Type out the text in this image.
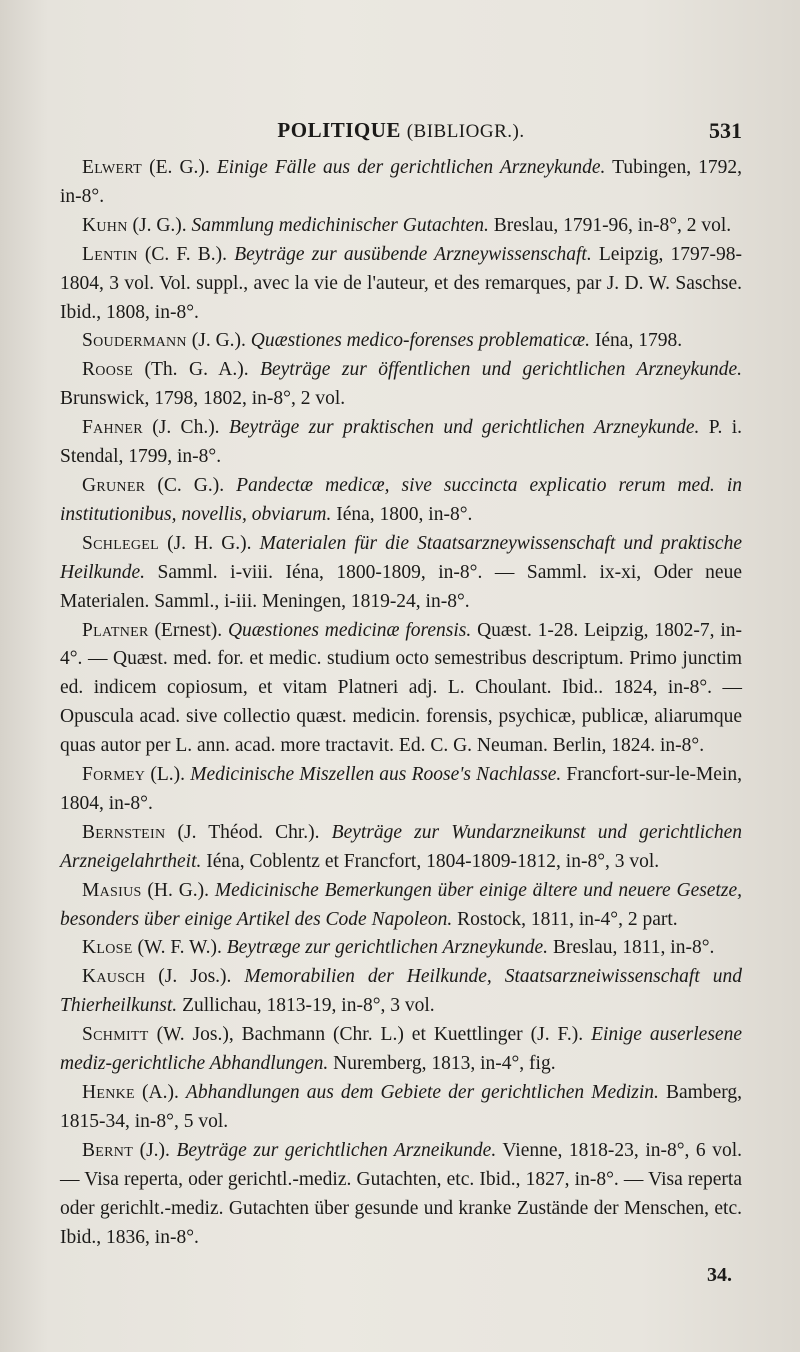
POLITIQUE (BIBLIOGR.).	531

Elwert (E. G.). Einige Fälle aus der gerichtlichen Arzneykunde. Tubingen, 1792, in-8°.

Kuhn (J. G.). Sammlung medichinischer Gutachten. Breslau, 1791-96, in-8°, 2 vol.

Lentin (C. F. B.). Beyträge zur ausübende Arzneywissenschaft. Leipzig, 1797-98-1804, 3 vol. Vol. suppl., avec la vie de l'auteur, et des remarques, par J. D. W. Saschse. Ibid., 1808, in-8°.

Soudermann (J. G.). Quæstiones medico-forenses problematicæ. Iéna, 1798.

Roose (Th. G. A.). Beyträge zur öffentlichen und gerichtlichen Arzneykunde. Brunswick, 1798, 1802, in-8°, 2 vol.

Fahner (J. Ch.). Beyträge zur praktischen und gerichtlichen Arzneykunde. P. i. Stendal, 1799, in-8°.

Gruner (C. G.). Pandectæ medicæ, sive succincta explicatio rerum med. in institutionibus, novellis, obviarum. Iéna, 1800, in-8°.

Schlegel (J. H. G.). Materialen für die Staatsarzneywissenschaft und praktische Heilkunde. Samml. i-viii. Iéna, 1800-1809, in-8°. — Samml. ix-xi, Oder neue Materialen. Samml., i-iii. Meningen, 1819-24, in-8°.

Platner (Ernest). Quæstiones medicinæ forensis. Quæst. 1-28. Leipzig, 1802-7, in-4°. — Quæst. med. for. et medic. studium octo semestribus descriptum. Primo junctim ed. indicem copiosum, et vitam Platneri adj. L. Choulant. Ibid.. 1824, in-8°. — Opuscula acad. sive collectio quæst. medicin. forensis, psychicæ, publicæ, aliarumque quas autor per L. ann. acad. more tractavit. Ed. C. G. Neuman. Berlin, 1824. in-8°.

Formey (L.). Medicinische Miszellen aus Roose's Nachlasse. Francfort-sur-le-Mein, 1804, in-8°.

Bernstein (J. Théod. Chr.). Beyträge zur Wundarzneikunst und gerichtlichen Arzneigelahrtheit. Iéna, Coblentz et Francfort, 1804-1809-1812, in-8°, 3 vol.

Masius (H. G.). Medicinische Bemerkungen über einige ältere und neuere Gesetze, besonders über einige Artikel des Code Napoleon. Rostock, 1811, in-4°, 2 part.

Klose (W. F. W.). Beytræge zur gerichtlichen Arzneykunde. Breslau, 1811, in-8°.

Kausch (J. Jos.). Memorabilien der Heilkunde, Staatsarzneiwissenschaft und Thierheilkunst. Zullichau, 1813-19, in-8°, 3 vol.

Schmitt (W. Jos.), Bachmann (Chr. L.) et Kuettlinger (J. F.). Einige auserlesene mediz-gerichtliche Abhandlungen. Nuremberg, 1813, in-4°, fig.

Henke (A.). Abhandlungen aus dem Gebiete der gerichtlichen Medizin. Bamberg, 1815-34, in-8°, 5 vol.

Bernt (J.). Beyträge zur gerichtlichen Arzneikunde. Vienne, 1818-23, in-8°, 6 vol. — Visa reperta, oder gerichtl.-mediz. Gutachten, etc. Ibid., 1827, in-8°. — Visa reperta oder gerichlt.-mediz. Gutachten über gesunde und kranke Zustände der Menschen, etc. Ibid., 1836, in-8°.

34.
